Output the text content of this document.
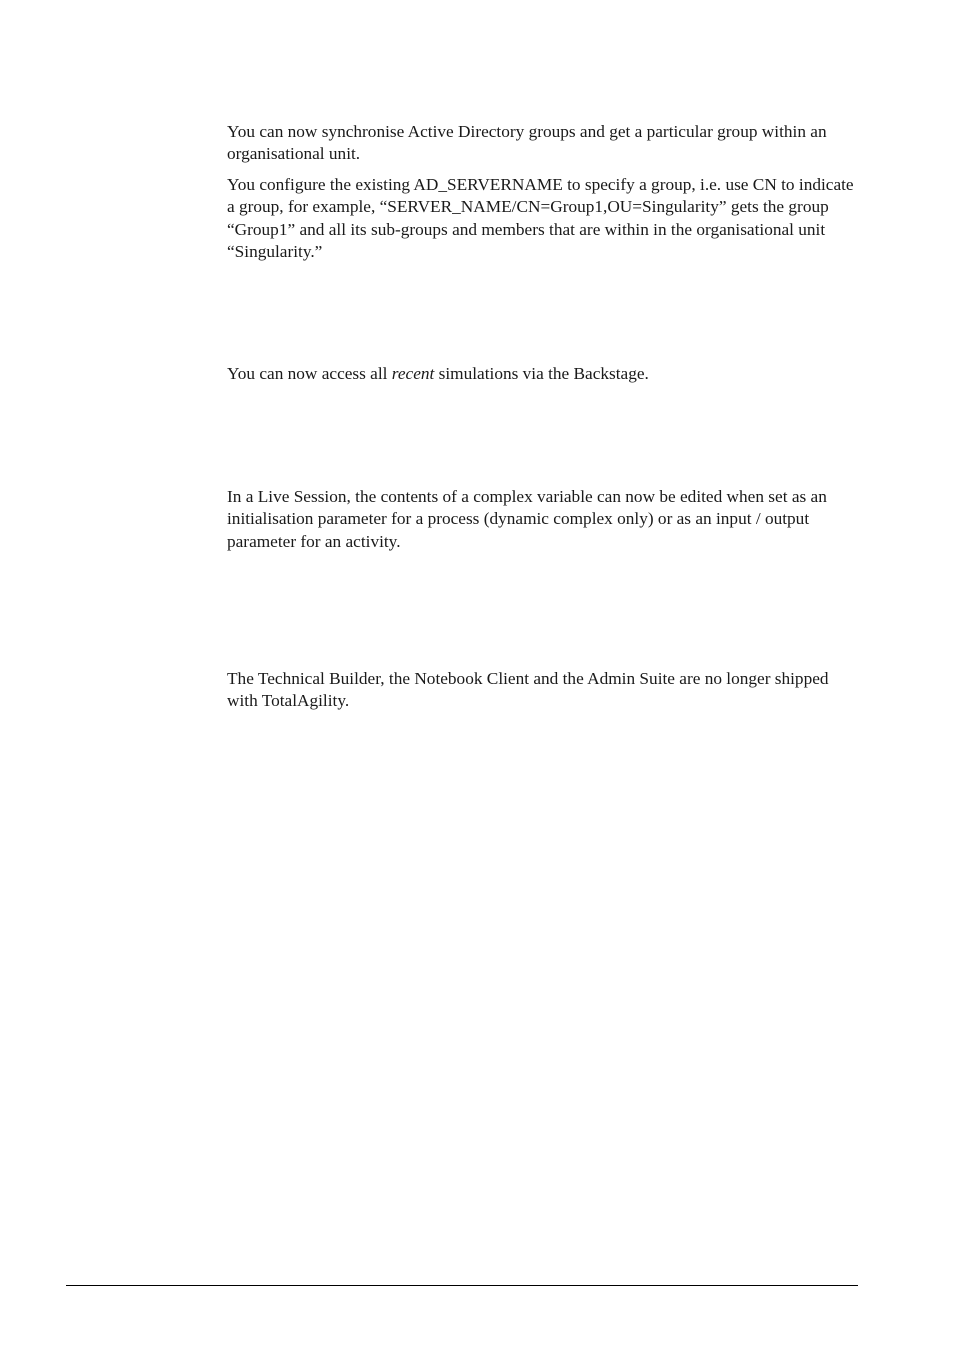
You can now synchronise Active Directory groups and get a particular group within an organisational unit.

You configure the existing AD_SERVERNAME to specify a group, i.e. use CN to indicate a group, for example, “SERVER_NAME/CN=Group1,OU=Singularity” gets the group “Group1” and all its sub-groups and members that are within in the organisational unit “Singularity.”

You can now access all recent simulations via the Backstage.

In a Live Session, the contents of a complex variable can now be edited when set as an initialisation parameter for a process (dynamic complex only) or as an input / output parameter for an activity.

The Technical Builder, the Notebook Client and the Admin Suite are no longer shipped with TotalAgility.
